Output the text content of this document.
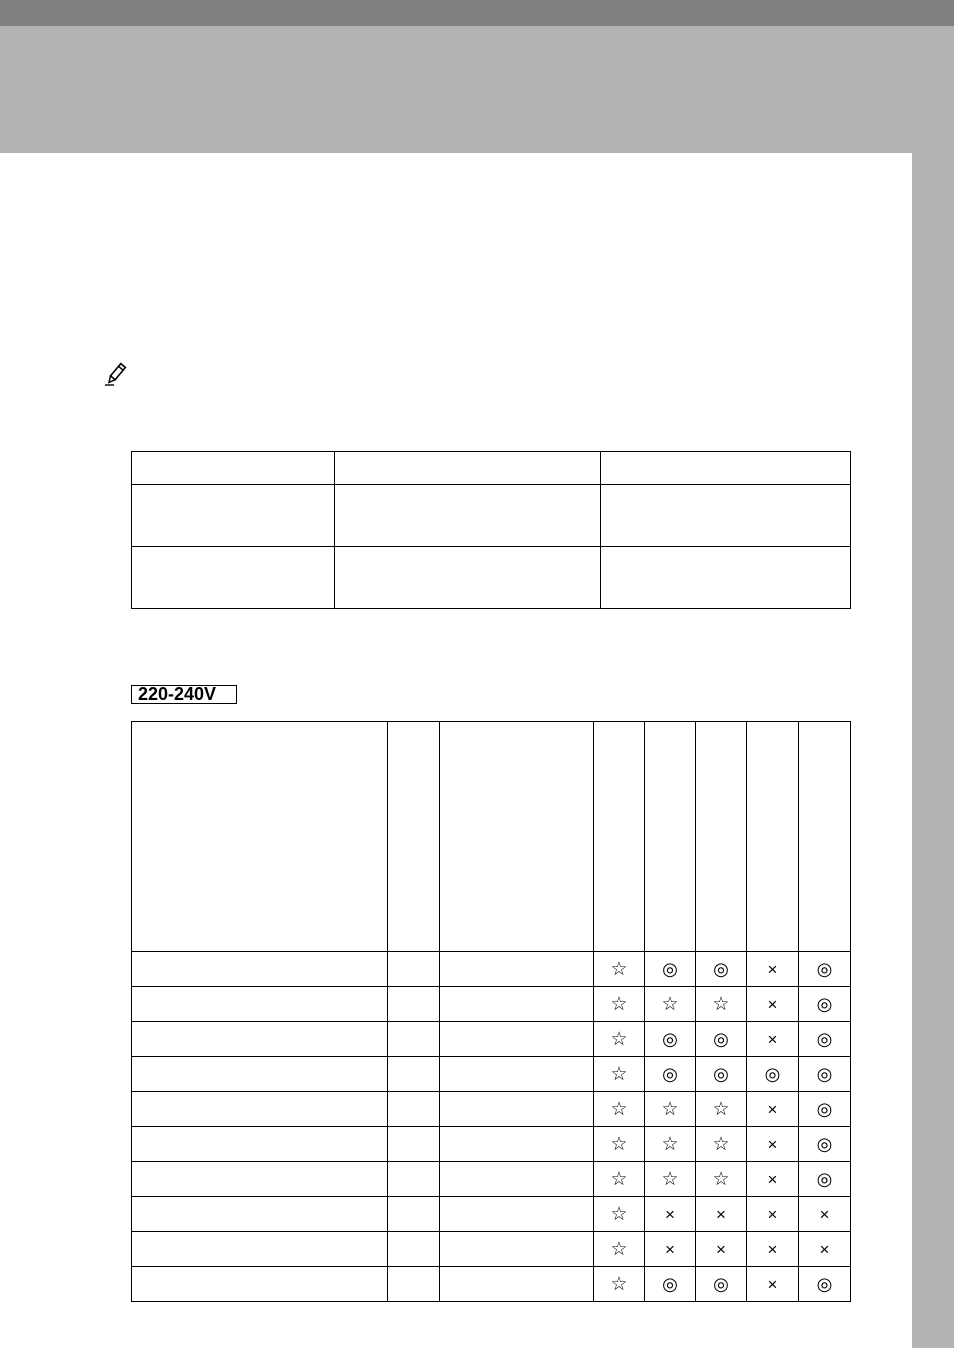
220-240V

			☆	◎	◎	×	◎
			☆	☆	☆	×	◎
			☆	◎	◎	×	◎
			☆	◎	◎	◎	◎
			☆	☆	☆	×	◎
			☆	☆	☆	×	◎
			☆	☆	☆	×	◎
			☆	×	×	×	×
			☆	×	×	×	×
			☆	◎	◎	×	◎
